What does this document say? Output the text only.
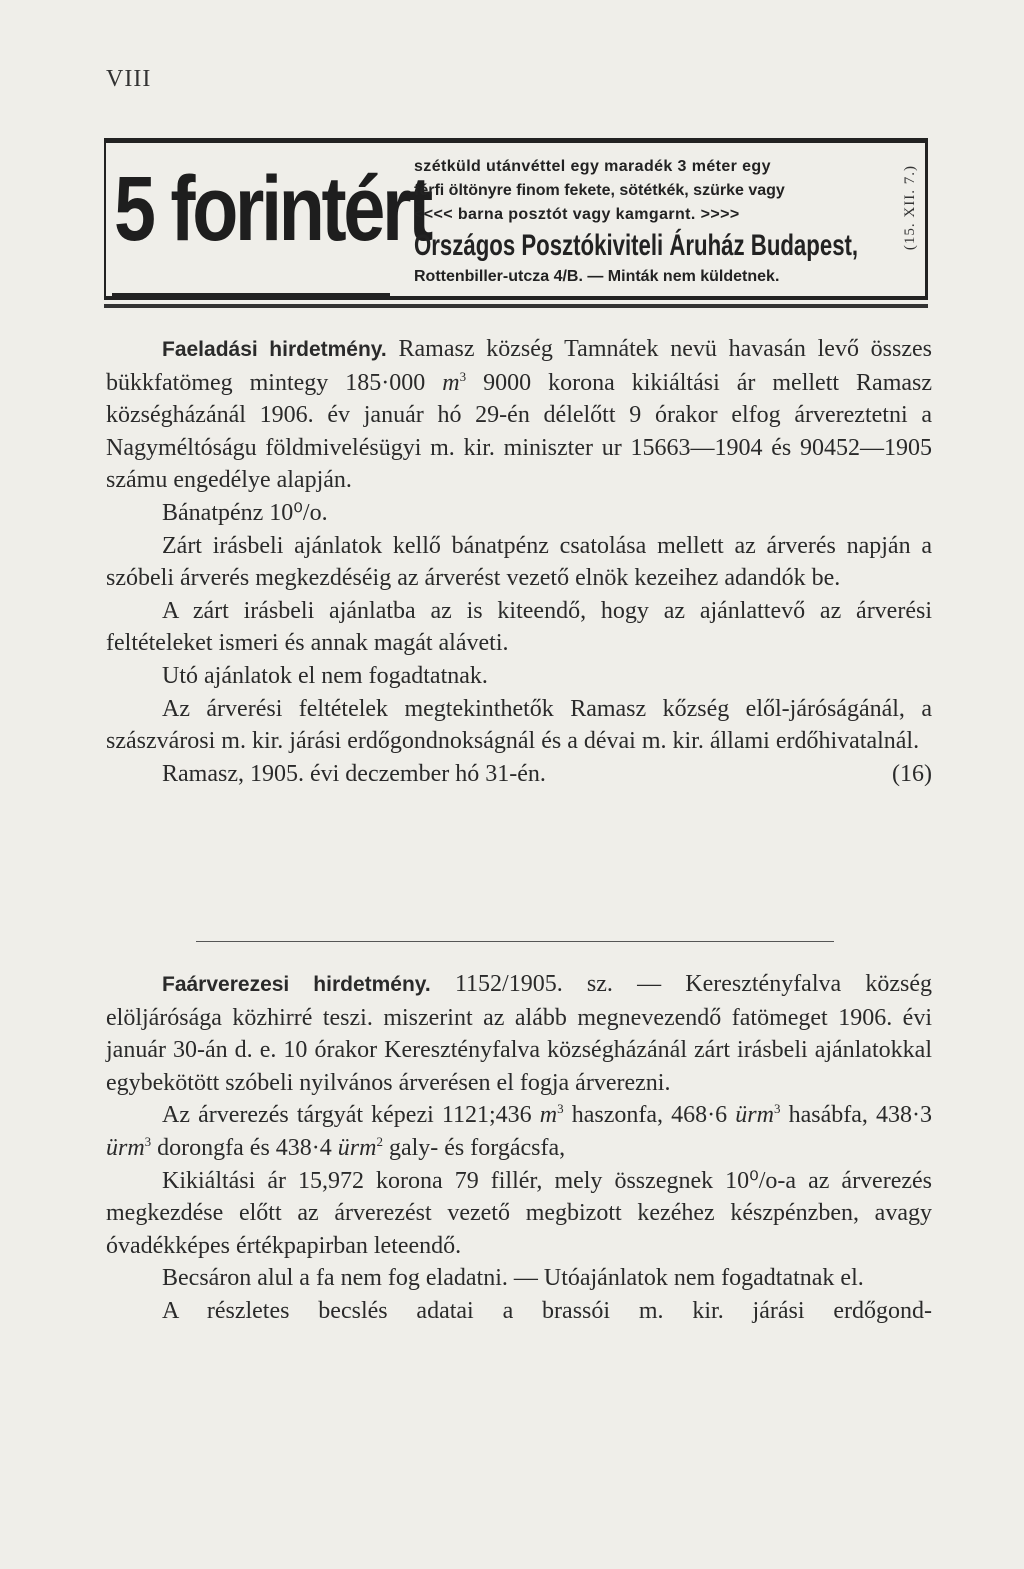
VIII
5 forintért
szétküld utánvéttel egy maradék 3 méter egy
férfi öltönyre finom fekete, sötétkék, szürke vagy
<<<< barna posztót vagy kamgarnt. >>>>
Országos Posztókiviteli Áruház Budapest,
Rottenbiller-utcza 4/B. — Minták nem küldetnek.
(15. XII. 7.)

Faeladási hirdetmény. Ramasz község Tamnátek nevü havasán levő összes bükkfatömeg mintegy 185·000 $m^3$ 9000 korona kikiáltási ár mellett Ramasz községházánál 1906. év január hó 29-én délelőtt 9 órakor elfog árvereztetni a Nagyméltóságu földmivelésügyi m. kir. miniszter ur 15663—1904 és 90452—1905 számu engedélye alapján.

Bánatpénz 10⁰/o.

Zárt irásbeli ajánlatok kellő bánatpénz csatolása mellett az árverés napján a szóbeli árverés megkezdéséig az árverést vezető elnök kezeihez adandók be.

A zárt irásbeli ajánlatba az is kiteendő, hogy az ajánlattevő az árverési feltételeket ismeri és annak magát aláveti.

Utó ajánlatok el nem fogadtatnak.

Az árverési feltételek megtekinthetők Ramasz kőzség elől-járóságánál, a szászvárosi m. kir. járási erdőgondnokságnál és a dévai m. kir. állami erdőhivatalnál.

Ramasz, 1905. évi deczember hó 31-én.	(16)

Faárverezesi hirdetmény. 1152/1905. sz. — Keresztényfalva község elöljárósága közhirré teszi. miszerint az alább megnevezendő fatömeget 1906. évi január 30-án d. e. 10 órakor Keresztényfalva községházánál zárt irásbeli ajánlatokkal egybekötött szóbeli nyilvános árverésen el fogja árverezni.

Az árverezés tárgyát képezi 1121;436 $m^3$ haszonfa, 468·6 ürm$^3$ hasábfa, 438·3 ürm$^3$ dorongfa és 438·4 ürm$^2$ galy- és forgácsfa,

Kikiáltási ár 15,972 korona 79 fillér, mely összegnek 10⁰/o-a az árverezés megkezdése előtt az árverezést vezető megbizott kezéhez készpénzben, avagy óvadékképes értékpapirban leteendő.

Becsáron alul a fa nem fog eladatni. — Utóajánlatok nem fogadtatnak el.

A részletes becslés adatai a brassói m. kir. járási erdőgond-
